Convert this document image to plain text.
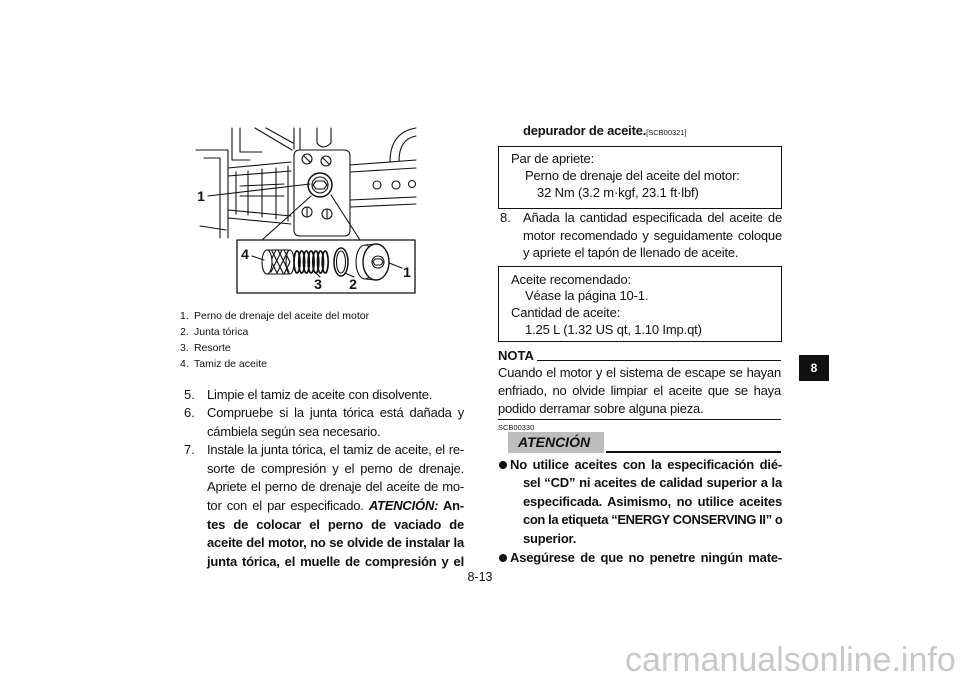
1
4
3 2
1
1. Perno de drenaje del aceite del motor
2. Junta tórica
3. Resorte
4. Tamiz de aceite
5. Limpie el tamiz de aceite con disolvente.
6. Compruebe si la junta tórica está dañada y
cámbiela según sea necesario.
7. Instale la junta tórica, el tamiz de aceite, el re-
sorte de compresión y el perno de drenaje.
Apriete el perno de drenaje del aceite de mo-
tor con el par especificado. ATENCIÓN: An-
tes de colocar el perno de vaciado de
aceite del motor, no se olvide de instalar la
junta tórica, el muelle de compresión y el
depurador de aceite.[SCB00321]
Par de apriete:
Perno de drenaje del aceite del motor:
32 Nm (3.2 m·kgf, 23.1 ft·lbf)
8. Añada la cantidad especificada del aceite de
motor recomendado y seguidamente coloque
y apriete el tapón de llenado de aceite.
Aceite recomendado:
Véase la página 10-1.
Cantidad de aceite:
1.25 L (1.32 US qt, 1.10 Imp.qt)
NOTA
Cuando el motor y el sistema de escape se hayan
enfriado, no olvide limpiar el aceite que se haya
podido derramar sobre alguna pieza.
SCB00330
ATENCIÓN
No utilice aceites con la especificación dié-
sel “CD” ni aceites de calidad superior a la
especificada. Asimismo, no utilice aceites
con la etiqueta “ENERGY CONSERVING II” o
superior.
Asegúrese de que no penetre ningún mate-
8-13
8
carmanualsonline.info
